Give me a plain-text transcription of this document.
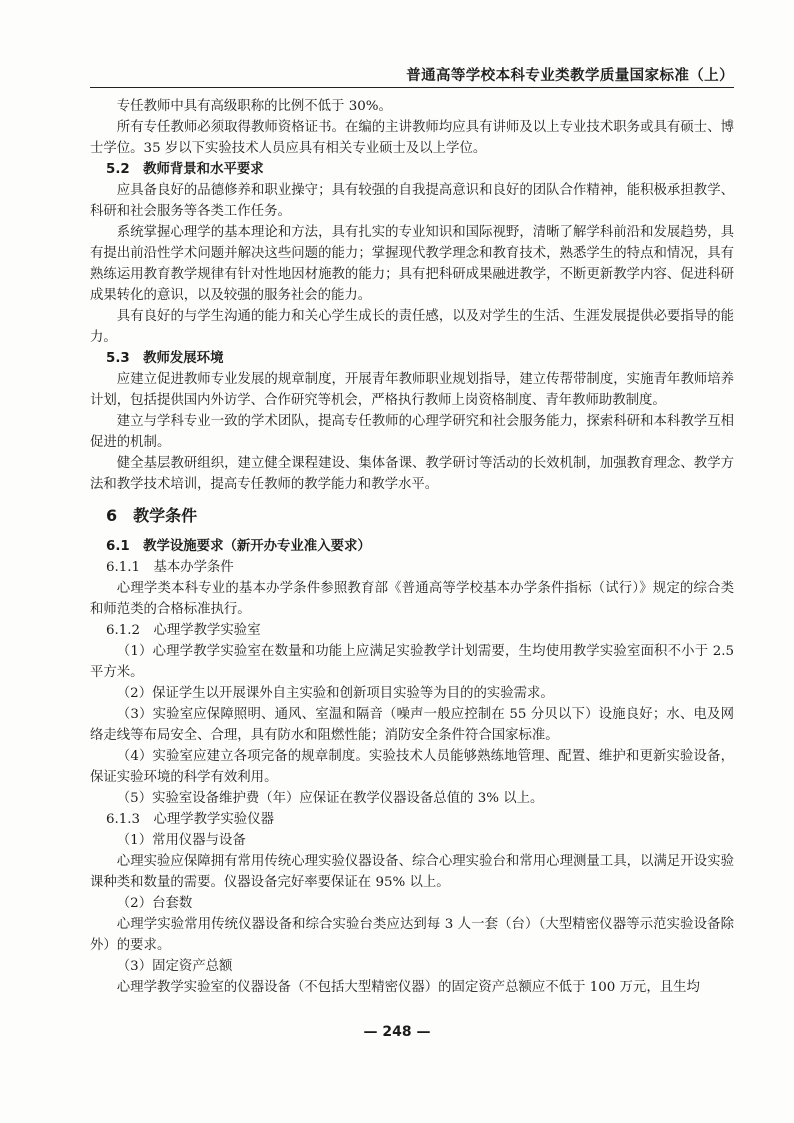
普通高等学校本科专业类教学质量国家标准（上）

专任教师中具有高级职称的比例不低于 30%。

所有专任教师必须取得教师资格证书。在编的主讲教师均应具有讲师及以上专业技术职务或具有硕士、博士学位。35 岁以下实验技术人员应具有相关专业硕士及以上学位。

5.2　教师背景和水平要求

应具备良好的品德修养和职业操守；具有较强的自我提高意识和良好的团队合作精神，能积极承担教学、科研和社会服务等各类工作任务。

系统掌握心理学的基本理论和方法，具有扎实的专业知识和国际视野，清晰了解学科前沿和发展趋势，具有提出前沿性学术问题并解决这些问题的能力；掌握现代教学理念和教育技术，熟悉学生的特点和情况，具有熟练运用教育教学规律有针对性地因材施教的能力；具有把科研成果融进教学，不断更新教学内容、促进科研成果转化的意识，以及较强的服务社会的能力。

具有良好的与学生沟通的能力和关心学生成长的责任感，以及对学生的生活、生涯发展提供必要指导的能力。

5.3　教师发展环境

应建立促进教师专业发展的规章制度，开展青年教师职业规划指导，建立传帮带制度，实施青年教师培养计划，包括提供国内外访学、合作研究等机会，严格执行教师上岗资格制度、青年教师助教制度。

建立与学科专业一致的学术团队，提高专任教师的心理学研究和社会服务能力，探索科研和本科教学互相促进的机制。

健全基层教研组织，建立健全课程建设、集体备课、教学研讨等活动的长效机制，加强教育理念、教学方法和教学技术培训，提高专任教师的教学能力和教学水平。

6　教学条件
6.1　教学设施要求（新开办专业准入要求）
6.1.1　基本办学条件

心理学类本科专业的基本办学条件参照教育部《普通高等学校基本办学条件指标（试行）》规定的综合类和师范类的合格标准执行。

6.1.2　心理学教学实验室

（1）心理学教学实验室在数量和功能上应满足实验教学计划需要，生均使用教学实验室面积不小于 2.5 平方米。

（2）保证学生以开展课外自主实验和创新项目实验等为目的的实验需求。

（3）实验室应保障照明、通风、室温和隔音（噪声一般应控制在 55 分贝以下）设施良好；水、电及网络走线等布局安全、合理，具有防水和阻燃性能；消防安全条件符合国家标准。

（4）实验室应建立各项完备的规章制度。实验技术人员能够熟练地管理、配置、维护和更新实验设备，保证实验环境的科学有效利用。

（5）实验室设备维护费（年）应保证在教学仪器设备总值的 3% 以上。

6.1.3　心理学教学实验仪器

（1）常用仪器与设备

心理实验应保障拥有常用传统心理实验仪器设备、综合心理实验台和常用心理测量工具，以满足开设实验课种类和数量的需要。仪器设备完好率要保证在 95% 以上。

（2）台套数

心理学实验常用传统仪器设备和综合实验台类应达到每 3 人一套（台）（大型精密仪器等示范实验设备除外）的要求。

（3）固定资产总额

心理学教学实验室的仪器设备（不包括大型精密仪器）的固定资产总额应不低于 100 万元，且生均

— 248 —
